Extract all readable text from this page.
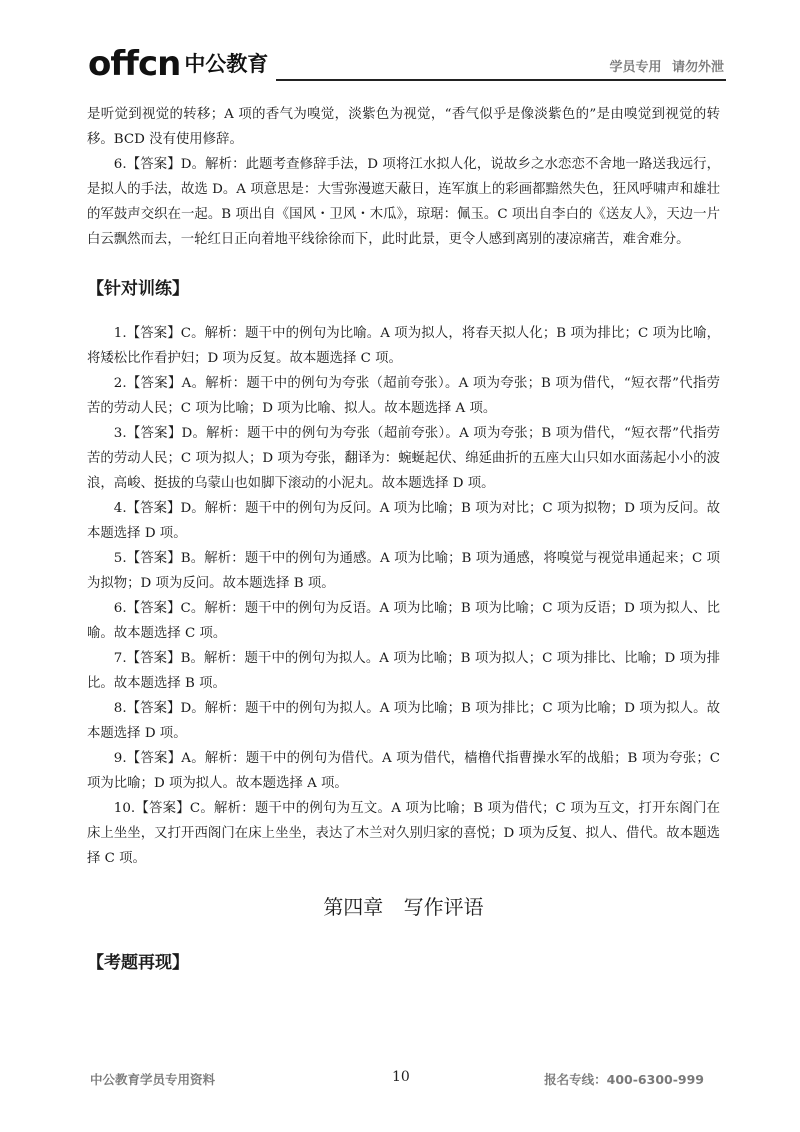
offcn 中公教育	学员专用 请勿外泄

是听觉到视觉的转移；A 项的香气为嗅觉，淡紫色为视觉，“香气似乎是像淡紫色的”是由嗅觉到视觉的转移。BCD 没有使用修辞。

6.【答案】D。解析：此题考查修辞手法，D 项将江水拟人化，说故乡之水恋恋不舍地一路送我远行，是拟人的手法，故选 D。A 项意思是：大雪弥漫遮天蔽日，连军旗上的彩画都黯然失色，狂风呼啸声和雄壮的军鼓声交织在一起。B 项出自《国风・卫风・木瓜》，琼琚：佩玉。C 项出自李白的《送友人》，天边一片白云飘然而去，一轮红日正向着地平线徐徐而下，此时此景，更令人感到离别的凄凉痛苦，难舍难分。

【针对训练】

1.【答案】C。解析：题干中的例句为比喻。A 项为拟人，将春天拟人化；B 项为排比；C 项为比喻，将矮松比作看护妇；D 项为反复。故本题选择 C 项。

2.【答案】A。解析：题干中的例句为夸张（超前夸张）。A 项为夸张；B 项为借代，“短衣帮”代指劳苦的劳动人民；C 项为比喻；D 项为比喻、拟人。故本题选择 A 项。

3.【答案】D。解析：题干中的例句为夸张（超前夸张）。A 项为夸张；B 项为借代，“短衣帮”代指劳苦的劳动人民；C 项为拟人；D 项为夸张，翻译为：蜿蜒起伏、绵延曲折的五座大山只如水面荡起小小的波浪，高峻、挺拔的乌蒙山也如脚下滚动的小泥丸。故本题选择 D 项。

4.【答案】D。解析：题干中的例句为反问。A 项为比喻；B 项为对比；C 项为拟物；D 项为反问。故本题选择 D 项。

5.【答案】B。解析：题干中的例句为通感。A 项为比喻；B 项为通感，将嗅觉与视觉串通起来；C 项为拟物；D 项为反问。故本题选择 B 项。

6.【答案】C。解析：题干中的例句为反语。A 项为比喻；B 项为比喻；C 项为反语；D 项为拟人、比喻。故本题选择 C 项。

7.【答案】B。解析：题干中的例句为拟人。A 项为比喻；B 项为拟人；C 项为排比、比喻；D 项为排比。故本题选择 B 项。

8.【答案】D。解析：题干中的例句为拟人。A 项为比喻；B 项为排比；C 项为比喻；D 项为拟人。故本题选择 D 项。

9.【答案】A。解析：题干中的例句为借代。A 项为借代，樯橹代指曹操水军的战船；B 项为夸张；C 项为比喻；D 项为拟人。故本题选择 A 项。

10.【答案】C。解析：题干中的例句为互文。A 项为比喻；B 项为借代；C 项为互文，打开东阁门在床上坐坐，又打开西阁门在床上坐坐，表达了木兰对久别归家的喜悦；D 项为反复、拟人、借代。故本题选择 C 项。

第四章 写作评语

【考题再现】

中公教育学员专用资料	10	报名专线：400-6300-999
